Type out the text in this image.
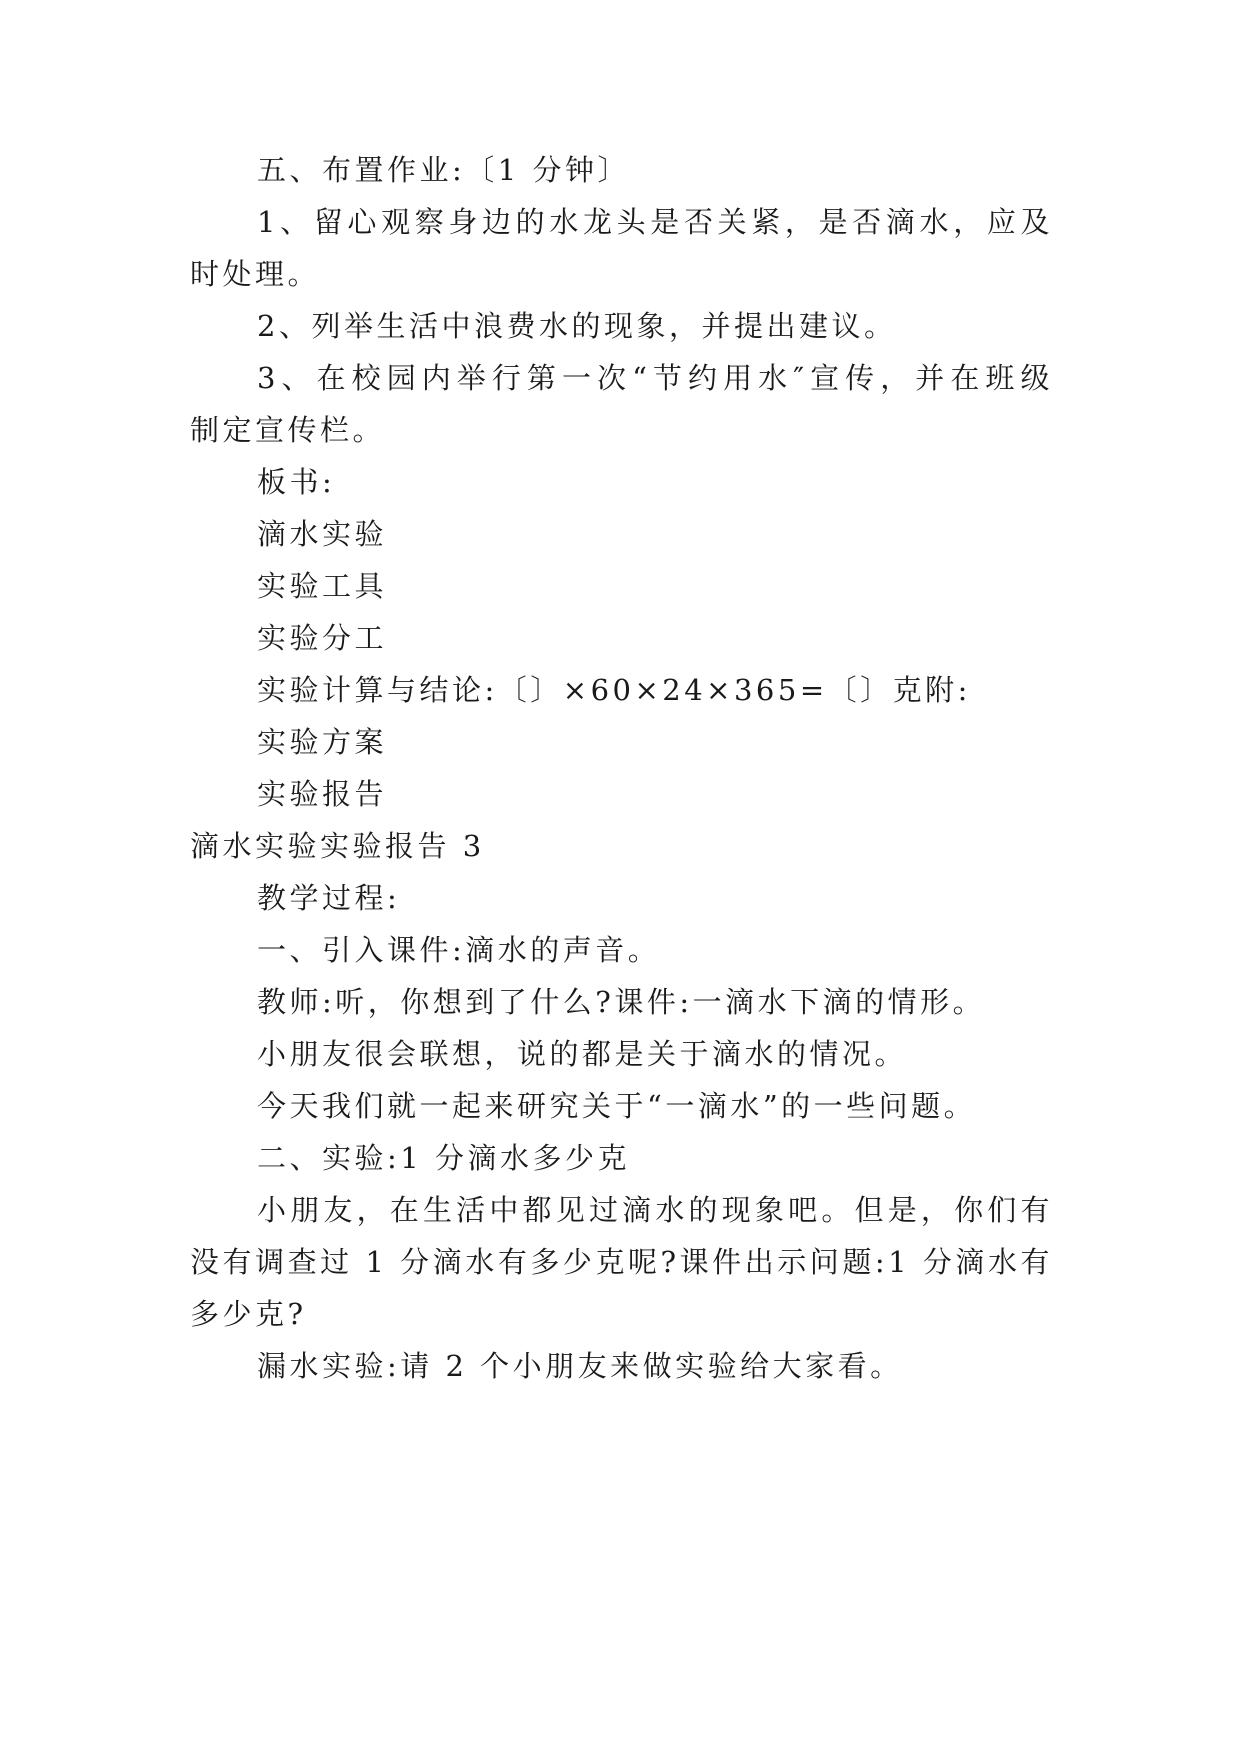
五、布置作业:〔1 分钟〕

1、留心观察身边的水龙头是否关紧，是否滴水，应及

时处理。

2、列举生活中浪费水的现象，并提出建议。

3、在校园内举行第一次“节约用水″宣传，并在班级

制定宣传栏。

板书:

滴水实验

实验工具

实验分工

实验计算与结论:〔〕×60×24×365=〔〕克附:

实验方案

实验报告

滴水实验实验报告 3

教学过程:

一、引入课件:滴水的声音。

教师:听，你想到了什么?课件:一滴水下滴的情形。

小朋友很会联想，说的都是关于滴水的情况。

今天我们就一起来研究关于“一滴水”的一些问题。

二、实验:1 分滴水多少克

小朋友，在生活中都见过滴水的现象吧。但是，你们有

没有调查过 1 分滴水有多少克呢?课件出示问题:1 分滴水有

多少克?

漏水实验:请 2 个小朋友来做实验给大家看。
